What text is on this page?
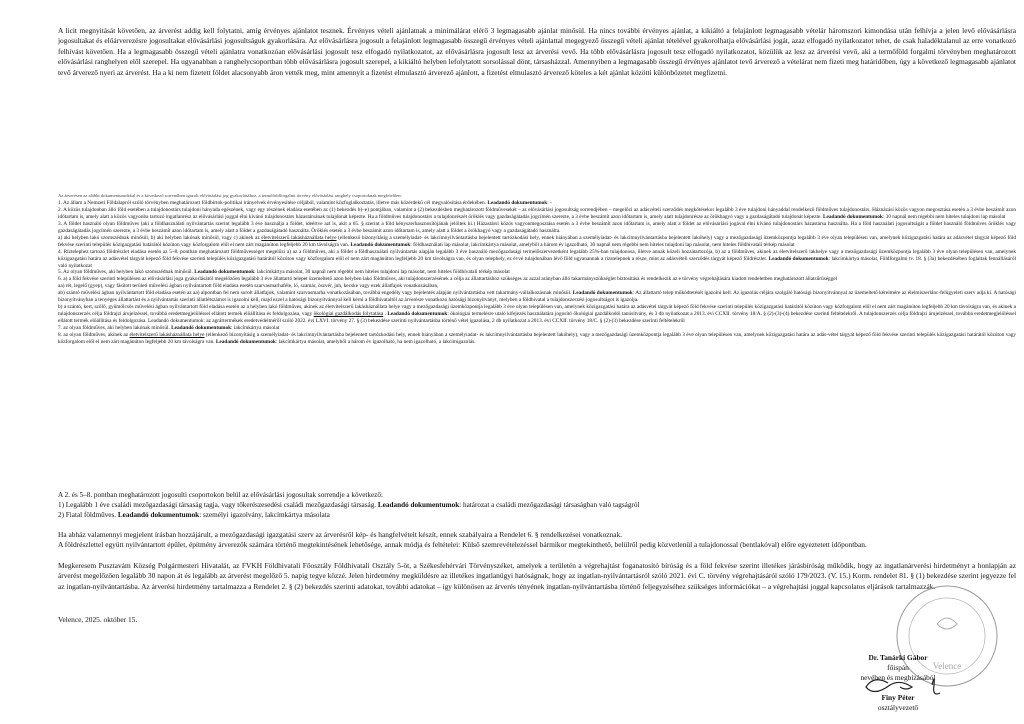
A licit megnyitását követően, az árverést addig kell folytatni, amíg érvényes ajánlatot tesznek. Érvényes vételi ajánlatnak a minimálárat elérő 3 legmagasabb ajánlat minősül. Ha nincs további érvényes ajánlat, a kikiáltó a felajánlott legmagasabb vételár háromszori kimondása után felhívja a jelen levő elővásárlásra jogosultakat és előárverezésre jogosultakat elővásárlási jogosultságuk gyakorlására. Az elővásárlásra jogosult a felajánlott legmagasabb összegű érvényes vételi ajánlattal megegyező összegű vételi ajánlat tételével gyakorolhatja elővásárlási jogát, azaz elfogadó nyilatkozatot tehet, de csak haladéktalanul az erre vonatkozó felhívást követően. Ha a legmagasabb összegű vételi ajánlatra vonatkozóan elővásárlási jogosult tesz elfogadó nyilatkozatot, az elővásárlásra jogosult lesz az árverési vevő. Ha több elővásárlásra jogosult tesz elfogadó nyilatkozatot, közülük az lesz az árverési vevő, aki a termőföld forgalmi törvényben meghatározott elővásárlási ranghelyen elől szerepel. Ha ugyanabban a ranghelycsoportban több elővásárlásra jogosult szerepel, a kikiáltó helyben lefolytatott sorsolással dönt, társasházzal. Amennyiben a legmagasabb összegű érvényes ajánlatot tevő árverező a vételárat nem fizeti meg határidőben, úgy a következő legmagasabb ajánlatot tevő árverező nyeri az árverést. Ha a ki nem fizetett földet alacsonyabb áron vették meg, mint amennyit a fizetést elmulasztó árverező ajánlott, a fizetést elmulasztó árverező köteles a két ajánlat közötti különbözetet megfizetni.

Az árverésen az alábbi dokumentumokkal és a következő sorrendben igazolt elővásárlási jog gyakorlásához, a termőföldforgalmi törvény elővásárlási ranghely csoportoknak megfelelően:

1. Az állam a Nemzeti Földalapról szóló törvényben meghatározott földbirtok-politikai irányelvek érvényesítése céljából, valamint közfoglalkoztatás, illetve más közérdekű cél megvalósítása érdekében. Leadandó dokumentumok: -

2. A közös tulajdonban álló föld esetében a tulajdonostárs tulajdoni hányada egészének, vagy egy részének eladása esetében az (1) bekezdés b)–e) pontjában, valamint a (2) bekezdésben meghatározott földművesekét – az elővásárlási jogosultság sorrendjében – megelőzi az adásvételi szerződés megkötésekor legalább 3 éve tulajdoni hányaddal rendelkező földműves tulajdonostárs. Háznázási közös vagyon megosztása esetén a 3 évbe beszámít azon időtartam is, amely alatt a közös vagyonba tartozó ingatlanrész az elővásárlási joggal élni kívánó tulajdonostárs házastársának tulajdonát képezte. Ha a földműves tulajdonostárs a tulajdonrészét öröklés vagy gazdaságátadás jogcímén szerezte, a 3 évbe beszámít azon időtartam is, amely alatt tulajdonrésze az örökhagyó vagy a gazdaságátadó tulajdonát képezte. Leadandó dokumentumok: 30 napnál nem régebbi nem hiteles tulajdoni lap másolat

3. A földet használó olyan földműves (aki a földhasználati nyilvántartás szerint legalább 3 éve használja a földet, ideértve azt is, akit a 65. § szerint a föld kényszerhasznosítójának jelöltek ki.) Házastársi közös vagyonmegosztása esetén a 3 évbe beszámít azon időtartam is, amely alatt a földet az elővásárlási jogával élni kívánó tulajdonostárs házastársa használta. Ha a föld használati jogosultságát a földet használó földműves öröklés vagy gazdaságátadás jogcímén szerezte, a 3 évbe beszámít azon időtartam is, amely alatt a földet a gazdaságátadó használta. Öröklés esetén a 3 évbe beszámít azon időtartam is, amely alatt a földet a örökhagyó vagy a gazdaságátadó használta.

a) aki helyben lakó szomszédnak minősül, b) aki helyben lakónak minősül, vagy c) akinek az életvitelszerű lakásháznállata helye (ellenkező bizonyításig a személyiadat- és lakcímnyilvántartásba bejelentett tartózkodási hely, ennek hiányában a személyiadat- és lakcímnyilvántartásba bejelentett lakóhely) vagy a mezőgazdasági üzemközpontja legalább 3 éve olyan településen van, amelynek közigazgatási határa az adásvétel tárgyát képező föld fekvése szerinti település közigazgatási határától közúton vagy közforgalom elől el nem zárt magánúton legfeljebb 20 km távolságra van. Leadandó dokumentumok: földhasználati lap másolat, lakcímkártya másolat, amelyből a három év igazolható, 30 napnál nem régebbi nem hiteles tulajdoni lap másolat, nem hiteles földhivatali térkép másolat

4. Ríztelephez tartozó földrészlet eladása esetén az 5–8. pontban meghatározott földművességet megelőzi a) az a földműves, aki a földet a földhasználati nyilvántartás alapján legalább 3 éve használó mezőgazdasági termelőszervezetként legalább 25%-ban tulajdonosa, illetve annak közeli hozzátartozója, b) az a földműves, akinek az életvitelszerű lakhelye vagy a mezőgazdasági üzemközpontja legalább 3 éve olyan településen van, amelynek közigazgatási határa az adásvétel tárgyát képező föld fekvése szerinti település közigazgatási határától közúton vagy közforgalom elől el nem zárt magánúton legfeljebb 20 km távolságra van, és olyan telephely, ez évvé tulajdonában lévő föld ugyanannak a rizstelepnek a része, mint az adásvételi szerződés tárgyát képező földrészlet. Leadandó dokumentumok: lakcímkártya másolat, Földforgalmi tv. 18. § (3a) bekezdésében foglaltak fennállásáról való nyilatkozat

5. Az olyan földműves, aki helyben lakó szomszédnak minősül. Leadandó dokumentumok: lakcímkártya másolat, 30 napnál nem régebbi nem hiteles tulajdoni lap másolat, nem hiteles földhivatali térkép másolat

6. a) a föld fekvése szerinti településen az elővásárlási joga gyakorlásától megelőzően legalább 3 éve állattartó telepet üzemeltető azon helyben lakó földműves, aki tulajdonszerzésének a célja az állattartáshoz szükséges az azzal arányban álló takarmányszükséglet biztosítása és rendelkezik az e törvény végrehajtására kiadott rendeletben meghatározott állatsűrűséggel

aa) rét, legelő (gyep), vagy fásított területi művelési ágban nyilvántartott föld eladása esetén szarvasmarhaféle, ló, szamár, öszvér, juh, kecske vagy ezek állatfajok vonatkozásában,

ab) szántó művelési ágban nyilvántartott föld eladása esetén az aa) alpontban fel nem sorolt állatfajok, valamint szarvasmarha vonatkozásában, továbbá engedély vagy bejelentés alapján nyilvántartásba vett takarmány-vállalkozásnak minősül. Leadandó dokumentumok: Az állattartó telep működtetését igazolni kell. Az igazolás céljára szolgáló hatósági bizonyítvánnyal az üzemeltető kérelmére az élelmiszerlánc-felügyeleti szerv adja ki. A hatósági bizonyítványban a tenyéges állattartást és a nyilvántartás szerinti állatlétszámot is igazolni kell, majd ezzel a hatósági bizonyítvánnyal kell kérni a földhivataltól az árverésre vonatkozó hatósági bizonyítványt, melyben a földhivatal a tulajdonszerzési jogosultságot is igazolja.

b) a szántó, kert, szőlő, gyümölcsös művelési ágban nyilvántartott föld eladása esetén az a helyben lakó földműves, akinek az életvitelszerű lakásháznállata helye vagy a mezőgazdasági üzemközpontja legalább 3 éve olyan településen van, amelynek közigazgatási határa az adásvétel tárgyát képező föld fekvése szerinti település közigazgatási határától közúton vagy közforgalom elől el nem zárt magánúton legfeljebb 20 km távolságra van, és akinek a tulajdonszerzés célja földrajzi árujelzéssel, továbbá eredetmegjelöléssel ellátott termék előállítása és feldolgozása, vagy ökológiai gazdálkodás folytatása . Leadandó dokumentumok: ökológiai termelésre utaló kifejezés használatára jogosító ökológiai gazdálkodói tanúsítvány, és 3 db nyilatkozat a 2013. évi CCXII. törvény 18/A. § (2)-(3)-(4) bekezdése szerinti feltételekről. A tulajdonszerzés célja földrajzi árujelzéssel, továbbá eredetmegjelöléssel ellátott termék előállítása és feldolgozása. Leadandó dokumentumok: az agrártermékek eredetvédelméről szóló 2022. évi LXVI. törvény 27. § (3) bekezdése szerinti nyilvántartásba történő vétel igazolása, 2 db nyilatkozat a 2013. évi CCXII. törvény 18/C. § (2)-(3) bekezdése szerinti feltételekről

7. az olyan földműves, aki helyben lakónak minősül. Leadandó dokumentumok: lakcímkártya másolat

8. az olyan földműves, akinek az életvitelszerű lakásháznállata helye (ellenkező bizonyításig a személyiadat- és lakcímnyilvántartásba bejelentett tartózkodási hely, ennek hiányában a személyiadat- és lakcímnyilvántartásba bejelentett lakóhely), vagy a mezőgazdasági üzemközpontja legalább 3 éve olyan településen van, amelynek közigazgatási határa az adás-vétel tárgyát képező föld fekvése szerinti település közigazgatási határától közúton vagy közforgalom elől el nem zárt magánúton legfeljebb 20 km távolságra van. Leadandó dokumentumok: lakcímkártya másolat, amelyből a három év igazolható, ha nem igazolható, a lakcímigazolás.

A 2. és 5–8. pontban meghatározott jogosulti csoportokon belül az elővásárlási jogosultak sorrendje a következő:

1) Legalább 1 éve családi mezőgazdasági társaság tagja, vagy tőkerészesedési családi mezőgazdasági társaság. Leadandó dokumentumok: határozat a családi mezőgazdasági társaságban való tagságról

2) Fiatal földműves. Leadandó dokumentumok: személyi igazolvány, lakcímkártya másolata

Ha abház valamennyi megjelent írásban hozzájárult, a mezőgazdasági igazgatási szerv az árverésről kép- és hangfelvételt készít, ennek szabályaira a Rendelet 6. § rendelkezései vonatkoznak.

A földrészlettel együtt nyilvántartott épület, építmény árverezők számára történő megtekintésének lehetősége, annak módja és feltételei: Külső szemrevételezéssel bármikor megtekinthető, belülről pedig közvetlenül a tulajdonossal (bentlakóval) előre egyeztetett időpontban.

Megkeresem Pusztavám Község Polgármesteri Hivatalát, az FVKH Földhivatali Főosztály Földhivatali Osztály 5-öt, a Székesfehérvári Törvényszéket, amelyek a területén a végrehajtást foganatosító bíróság és a föld fekvése szerint illetékes járásbíróság működik, hogy az ingatlanárverési hirdetményt a honlapján az árverést megelőzően legalább 30 napon át és legalább az árverést megelőző 5. napig tegye közzé. Jelen hirdetmény megküldésre az illetékes ingatlanügyi hatóságnak, hogy az ingatlan-nyilvántartásról szóló 2021. évi C. törvény végrehajtásáról szóló 179/2023. (V. 15.) Korm. rendelet 81. § (1) bekezdése szerint jegyezze fel az ingatlan-nyilvántartásba. Az árverési hirdetmény tartalmazza a Rendelet 2. § (2) bekezdés szerinti adatokat, további adatokat – így különösen az árverés tényének ingatlan-nyilvántartásba történő feljegyzéséhez szükséges információkat – a végrehajtási joggal kapcsolatos eljárások tartalmazzák.

Velence, 2025. október 15.
Velence
Dr. Tanárki Gábor
főispán
nevében és megbízásából
Finy Péter
osztályvezető
